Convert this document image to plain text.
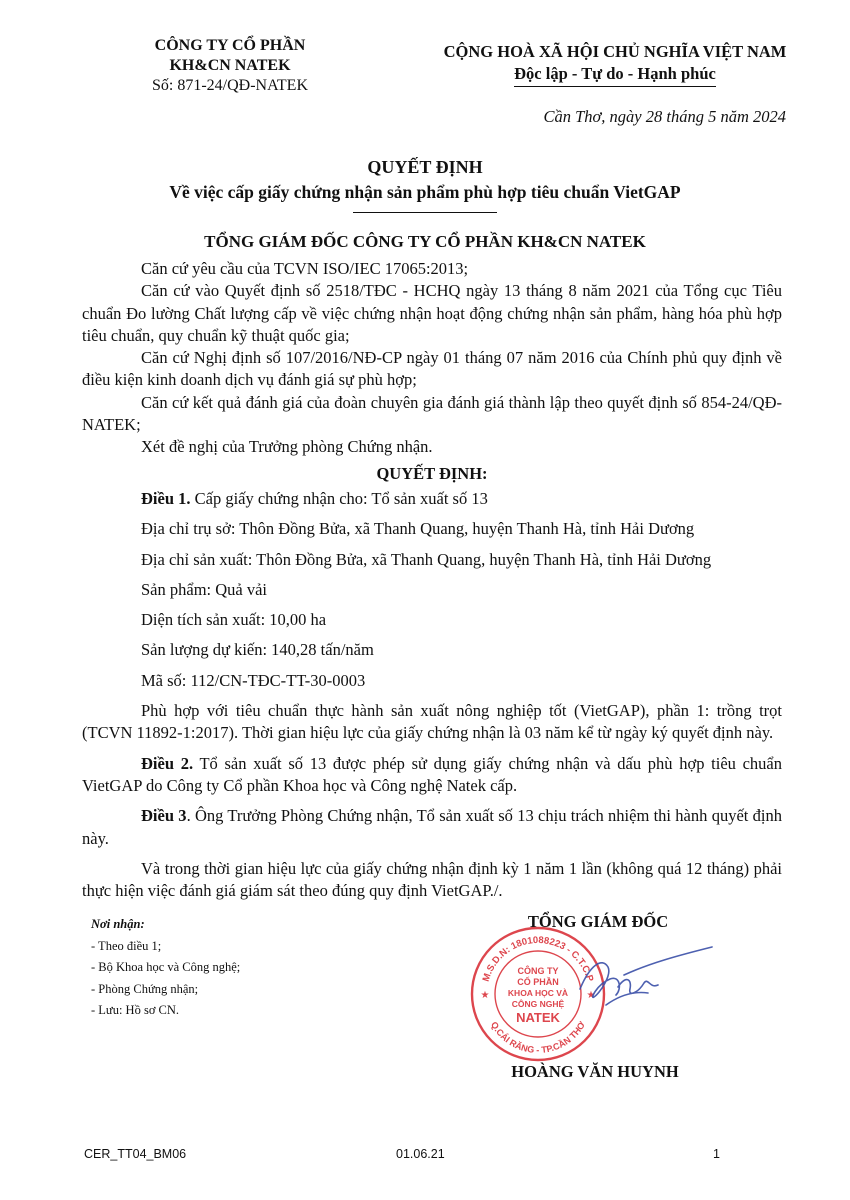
CÔNG TY CỔ PHẦN
KH&CN NATEK
Số: 871-24/QĐ-NATEK
CỘNG HOÀ XÃ HỘI CHỦ NGHĨA VIỆT NAM
Độc lập - Tự do - Hạnh phúc
Cần Thơ, ngày 28 tháng 5 năm 2024
QUYẾT ĐỊNH
Về việc cấp giấy chứng nhận sản phẩm phù hợp tiêu chuẩn VietGAP
TỔNG GIÁM ĐỐC CÔNG TY CỔ PHẦN KH&CN NATEK

Căn cứ yêu cầu của TCVN ISO/IEC 17065:2013;

Căn cứ vào Quyết định số 2518/TĐC - HCHQ ngày 13 tháng 8 năm 2021 của Tổng cục Tiêu chuẩn Đo lường Chất lượng cấp về việc chứng nhận hoạt động chứng nhận sản phẩm, hàng hóa phù hợp tiêu chuẩn, quy chuẩn kỹ thuật quốc gia;

Căn cứ Nghị định số 107/2016/NĐ-CP ngày 01 tháng 07 năm 2016 của Chính phủ quy định về điều kiện kinh doanh dịch vụ đánh giá sự phù hợp;

Căn cứ kết quả đánh giá của đoàn chuyên gia đánh giá thành lập theo quyết định số 854-24/QĐ-NATEK;

Xét đề nghị của Trưởng phòng Chứng nhận.

QUYẾT ĐỊNH:

Điều 1. Cấp giấy chứng nhận cho: Tổ sản xuất số 13

Địa chỉ trụ sở: Thôn Đồng Bửa, xã Thanh Quang, huyện Thanh Hà, tỉnh Hải Dương

Địa chỉ sản xuất: Thôn Đồng Bửa, xã Thanh Quang, huyện Thanh Hà, tỉnh Hải Dương

Sản phẩm: Quả vải

Diện tích sản xuất: 10,00 ha

Sản lượng dự kiến: 140,28 tấn/năm

Mã số: 112/CN-TĐC-TT-30-0003

Phù hợp với tiêu chuẩn thực hành sản xuất nông nghiệp tốt (VietGAP), phần 1: trồng trọt (TCVN 11892-1:2017). Thời gian hiệu lực của giấy chứng nhận là 03 năm kể từ ngày ký quyết định này.

Điều 2. Tổ sản xuất số 13 được phép sử dụng giấy chứng nhận và dấu phù hợp tiêu chuẩn VietGAP do Công ty Cổ phần Khoa học và Công nghệ Natek cấp.

Điều 3. Ông Trưởng Phòng Chứng nhận, Tổ sản xuất số 13 chịu trách nhiệm thi hành quyết định này.

Và trong thời gian hiệu lực của giấy chứng nhận định kỳ 1 năm 1 lần (không quá 12 tháng) phải thực hiện việc đánh giá giám sát theo đúng quy định VietGAP./.

Nơi nhận:
- Theo điều 1;
- Bộ Khoa học và Công nghệ;
- Phòng Chứng nhận;
- Lưu: Hồ sơ CN.
TỔNG GIÁM ĐỐC
M.S.D.N: 1801088223 - C.T.C.P
Q.CÁI RĂNG - TP.CẦN THƠ
CÔNG TY
CỔ PHẦN
KHOA HỌC VÀ
CÔNG NGHỆ
NATEK
★	★
HOÀNG VĂN HUYNH
CER_TT04_BM06	01.06.21	1
